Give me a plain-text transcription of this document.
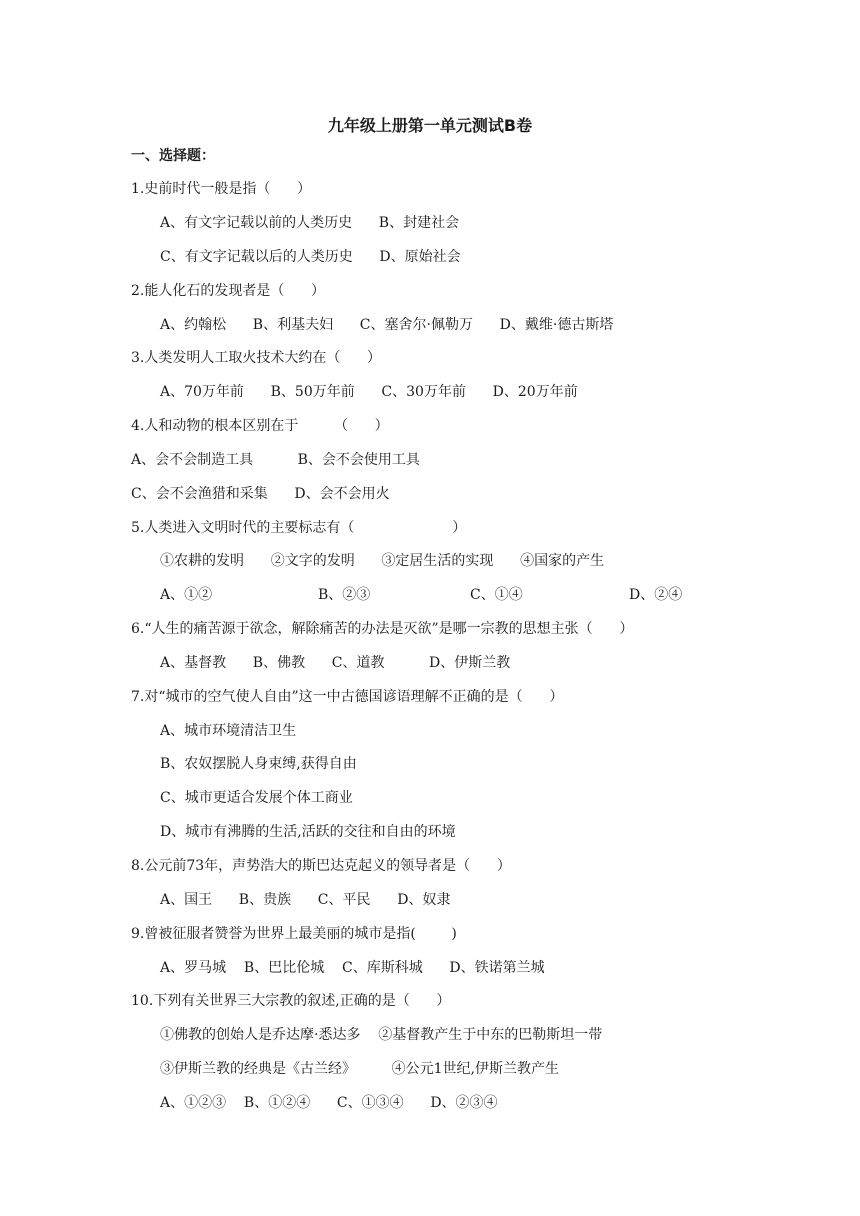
九年级上册第一单元测试B卷
一、选择题：
1.史前时代一般是指（      ）
A、有文字记载以前的人类历史      B、封建社会
C、有文字记载以后的人类历史      D、原始社会
2.能人化石的发现者是（      ）
A、约翰松      B、利基夫妇      C、塞舍尔·佩勒万      D、戴维·德古斯塔
3.人类发明人工取火技术大约在（      ）
A、70万年前      B、50万年前      C、30万年前      D、20万年前
4.人和动物的根本区别在于        （      ）
A、会不会制造工具          B、会不会使用工具
C、会不会渔猎和采集      D、会不会用火
5.人类进入文明时代的主要标志有（                      ）
①农耕的发明      ②文字的发明      ③定居生活的实现      ④国家的产生
A、①②	B、②③	C、①④	D、②④
6.“人生的痛苦源于欲念，解除痛苦的办法是灭欲”是哪一宗教的思想主张（      ）
A、基督教      B、佛教      C、道教          D、伊斯兰教
7.对“城市的空气使人自由”这一中古德国谚语理解不正确的是（      ）
A、城市环境清洁卫生
B、农奴摆脱人身束缚,获得自由
C、城市更适合发展个体工商业
D、城市有沸腾的生活,活跃的交往和自由的环境
8.公元前73年，声势浩大的斯巴达克起义的领导者是（      ）
A、国王      B、贵族      C、平民      D、奴隶
9.曾被征服者赞誉为世界上最美丽的城市是指(        )
A、罗马城    B、巴比伦城    C、库斯科城      D、铁诺第兰城
10.下列有关世界三大宗教的叙述,正确的是（      ）
①佛教的创始人是乔达摩·悉达多    ②基督教产生于中东的巴勒斯坦一带
③伊斯兰教的经典是《古兰经》        ④公元1世纪,伊斯兰教产生
A、①②③    B、①②④      C、①③④      D、②③④
